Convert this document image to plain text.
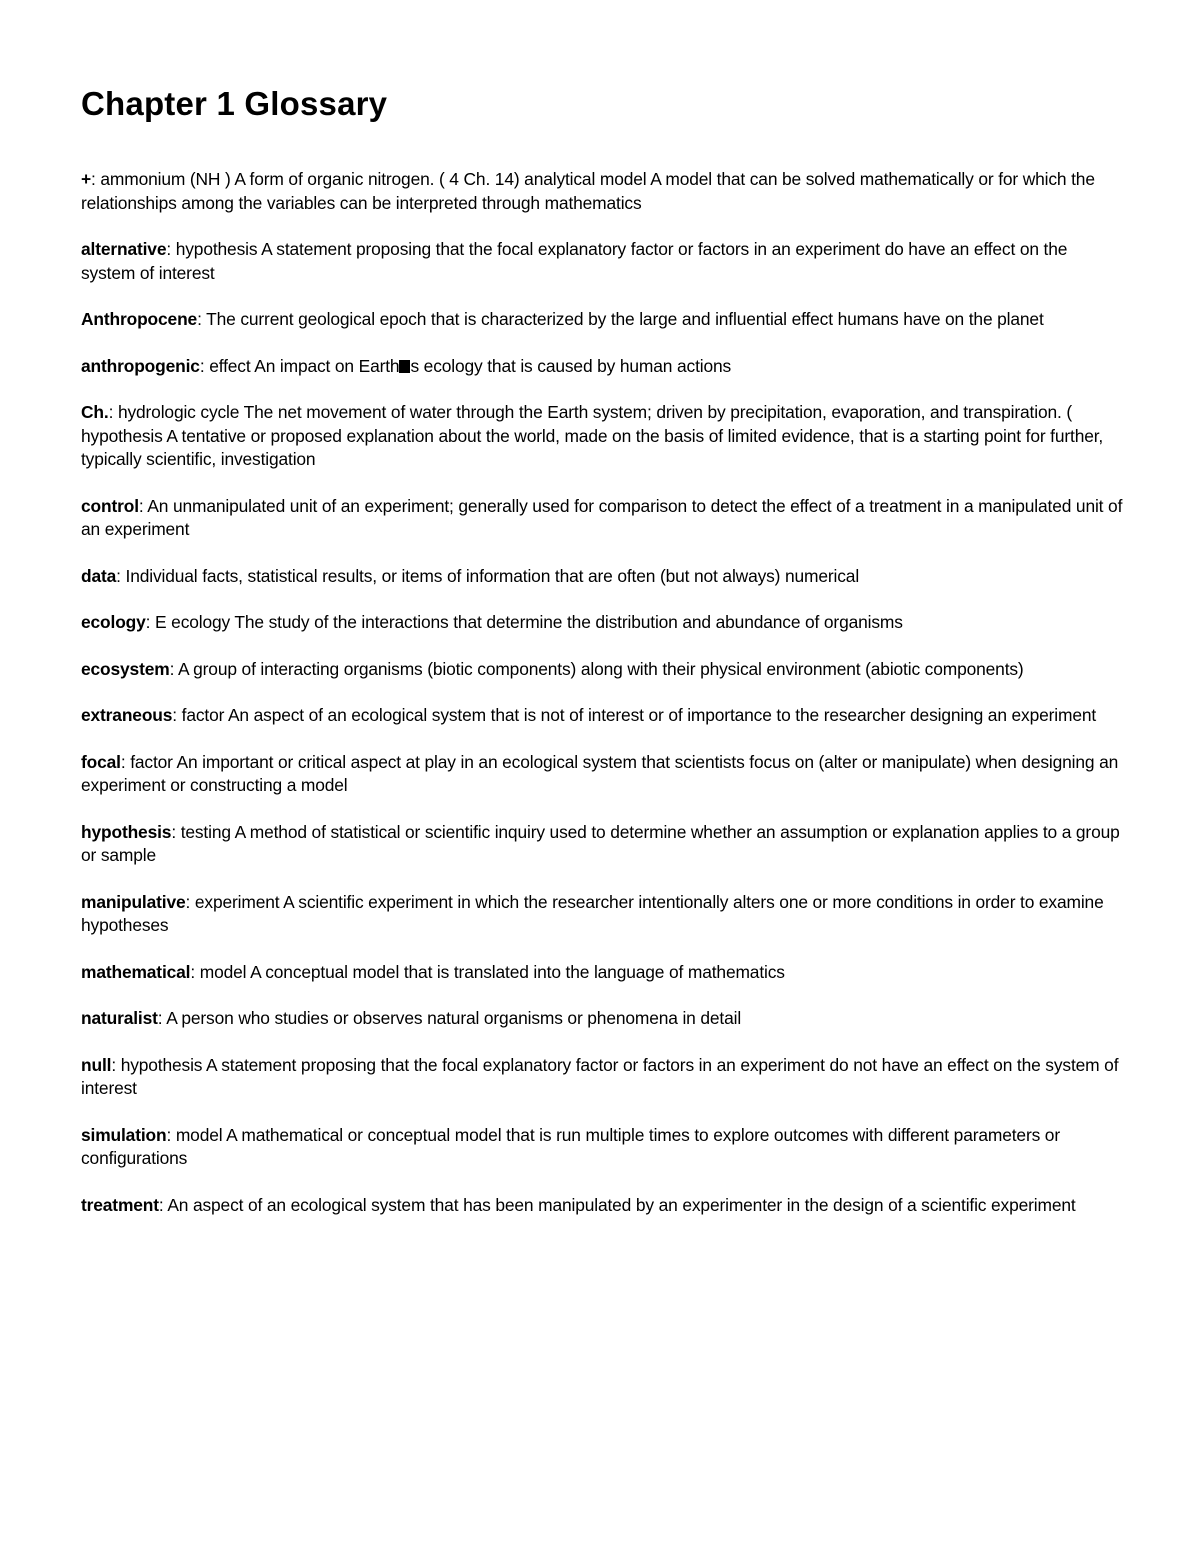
Chapter 1 Glossary

+: ammonium (NH ) A form of organic nitrogen. ( 4 Ch. 14) analytical model A model that can be solved mathematically or for which the relationships among the variables can be interpreted through mathematics

alternative: hypothesis A statement proposing that the focal explanatory factor or factors in an experiment do have an effect on the system of interest

Anthropocene: The current geological epoch that is characterized by the large and influential effect humans have on the planet

anthropogenic: effect An impact on Earth s ecology that is caused by human actions

Ch.: hydrologic cycle The net movement of water through the Earth system; driven by precipitation, evaporation, and transpiration. ( hypothesis A tentative or proposed explanation about the world, made on the basis of limited evidence, that is a starting point for further, typically scientific, investigation

control: An unmanipulated unit of an experiment; generally used for comparison to detect the effect of a treatment in a manipulated unit of an experiment

data: Individual facts, statistical results, or items of information that are often (but not always) numerical

ecology: E ecology The study of the interactions that determine the distribution and abundance of organisms

ecosystem: A group of interacting organisms (biotic components) along with their physical environment (abiotic components)

extraneous: factor An aspect of an ecological system that is not of interest or of importance to the researcher designing an experiment

focal: factor An important or critical aspect at play in an ecological system that scientists focus on (alter or manipulate) when designing an experiment or constructing a model

hypothesis: testing A method of statistical or scientific inquiry used to determine whether an assumption or explanation applies to a group or sample

manipulative: experiment A scientific experiment in which the researcher intentionally alters one or more conditions in order to examine hypotheses

mathematical: model A conceptual model that is translated into the language of mathematics

naturalist: A person who studies or observes natural organisms or phenomena in detail

null: hypothesis A statement proposing that the focal explanatory factor or factors in an experiment do not have an effect on the system of interest

simulation: model A mathematical or conceptual model that is run multiple times to explore outcomes with different parameters or configurations

treatment: An aspect of an ecological system that has been manipulated by an experimenter in the design of a scientific experiment
